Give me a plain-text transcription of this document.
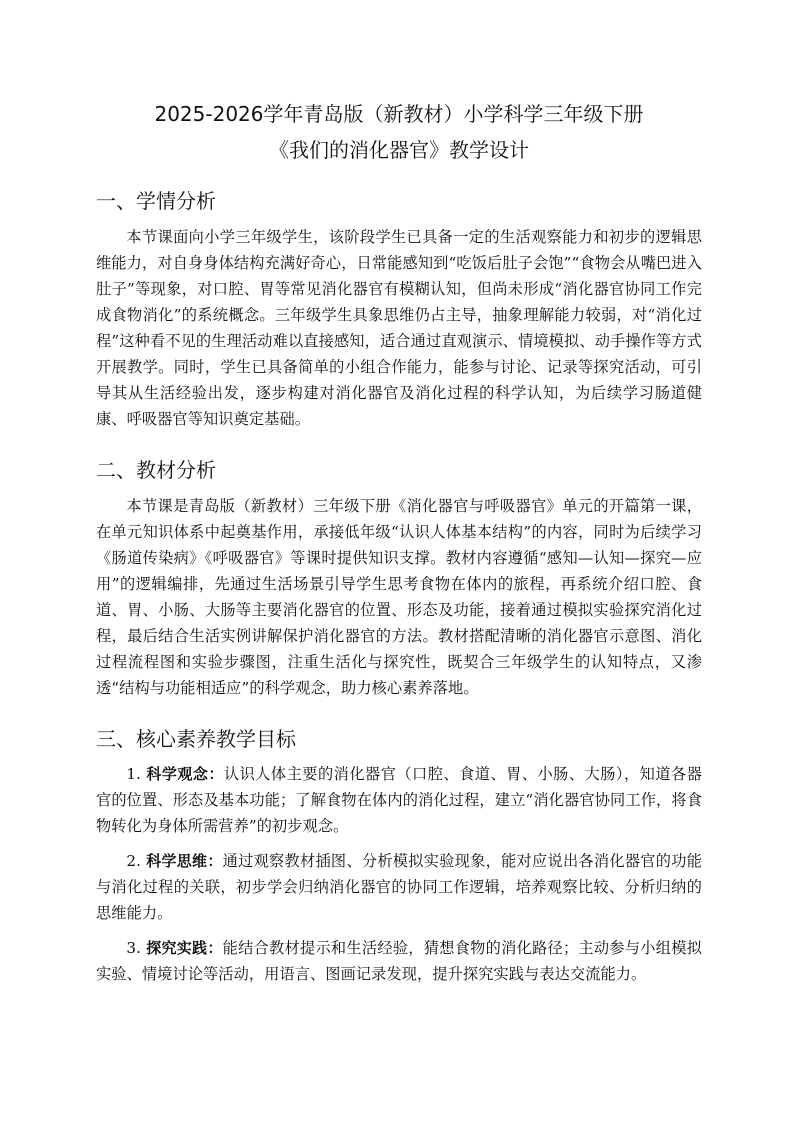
2025-2026学年青岛版（新教材）小学科学三年级下册
《我们的消化器官》教学设计
一、学情分析

本节课面向小学三年级学生，该阶段学生已具备一定的生活观察能力和初步的逻辑思维能力，对自身身体结构充满好奇心，日常能感知到“吃饭后肚子会饱”“食物会从嘴巴进入肚子”等现象，对口腔、胃等常见消化器官有模糊认知，但尚未形成“消化器官协同工作完成食物消化”的系统概念。三年级学生具象思维仍占主导，抽象理解能力较弱，对“消化过程”这种看不见的生理活动难以直接感知，适合通过直观演示、情境模拟、动手操作等方式开展教学。同时，学生已具备简单的小组合作能力，能参与讨论、记录等探究活动，可引导其从生活经验出发，逐步构建对消化器官及消化过程的科学认知，为后续学习肠道健康、呼吸器官等知识奠定基础。

二、教材分析

本节课是青岛版（新教材）三年级下册《消化器官与呼吸器官》单元的开篇第一课，在单元知识体系中起奠基作用，承接低年级“认识人体基本结构”的内容，同时为后续学习《肠道传染病》《呼吸器官》等课时提供知识支撑。教材内容遵循“感知—认知—探究—应用”的逻辑编排，先通过生活场景引导学生思考食物在体内的旅程，再系统介绍口腔、食道、胃、小肠、大肠等主要消化器官的位置、形态及功能，接着通过模拟实验探究消化过程，最后结合生活实例讲解保护消化器官的方法。教材搭配清晰的消化器官示意图、消化过程流程图和实验步骤图，注重生活化与探究性，既契合三年级学生的认知特点，又渗透“结构与功能相适应”的科学观念，助力核心素养落地。

三、核心素养教学目标

1. 科学观念：认识人体主要的消化器官（口腔、食道、胃、小肠、大肠），知道各器官的位置、形态及基本功能；了解食物在体内的消化过程，建立“消化器官协同工作，将食物转化为身体所需营养”的初步观念。

2. 科学思维：通过观察教材插图、分析模拟实验现象，能对应说出各消化器官的功能与消化过程的关联，初步学会归纳消化器官的协同工作逻辑，培养观察比较、分析归纳的思维能力。

3. 探究实践：能结合教材提示和生活经验，猜想食物的消化路径；主动参与小组模拟实验、情境讨论等活动，用语言、图画记录发现，提升探究实践与表达交流能力。
